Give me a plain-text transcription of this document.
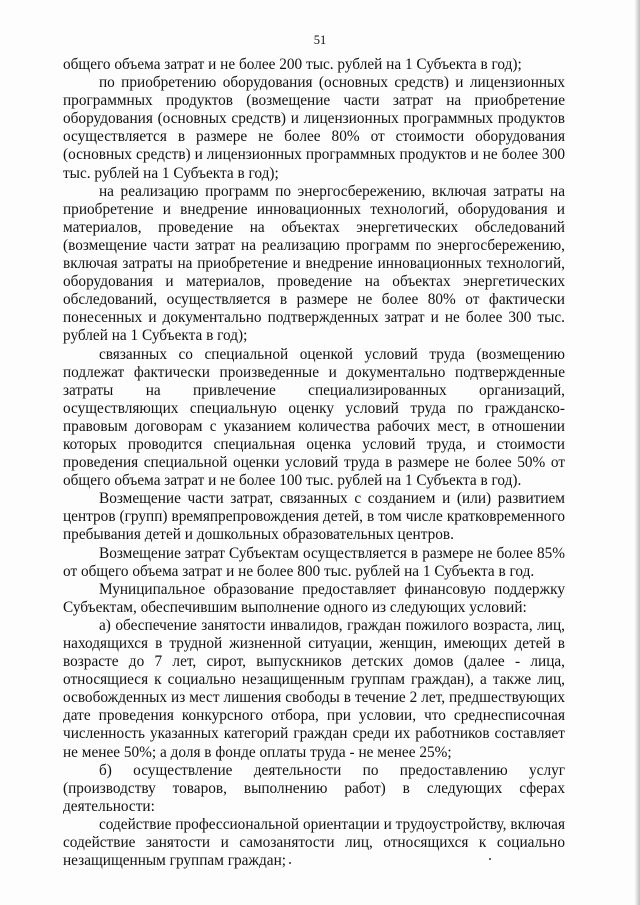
51

общего объема затрат и не более 200 тыс. рублей на 1 Субъекта в год);

по приобретению оборудования (основных средств) и лицензионных программных продуктов (возмещение части затрат на приобретение оборудования (основных средств) и лицензионных программных продуктов осуществляется в размере не более 80% от стоимости оборудования (основных средств) и лицензионных программных продуктов и не более 300 тыс. рублей на 1 Субъекта в год);

на реализацию программ по энергосбережению, включая затраты на приобретение и внедрение инновационных технологий, оборудования и материалов, проведение на объектах энергетических обследований (возмещение части затрат на реализацию программ по энергосбережению, включая затраты на приобретение и внедрение инновационных технологий, оборудования и материалов, проведение на объектах энергетических обследований, осуществляется в размере не более 80% от фактически понесенных и документально подтвержденных затрат и не более 300 тыс. рублей на 1 Субъекта в год);

связанных со специальной оценкой условий труда (возмещению подлежат фактически произведенные и документально подтвержденные затраты на привлечение специализированных организаций, осуществляющих специальную оценку условий труда по гражданско-правовым договорам с указанием количества рабочих мест, в отношении которых проводится специальная оценка условий труда, и стоимости проведения специальной оценки условий труда в размере не более 50% от общего объема затрат и не более 100 тыс. рублей на 1 Субъекта в год).

Возмещение части затрат, связанных с созданием и (или) развитием центров (групп) времяпрепровождения детей, в том числе кратковременного пребывания детей и дошкольных образовательных центров.

Возмещение затрат Субъектам осуществляется в размере не более 85% от общего объема затрат и не более 800 тыс. рублей на 1 Субъекта в год.

Муниципальное образование предоставляет финансовую поддержку Субъектам, обеспечившим выполнение одного из следующих условий:

а) обеспечение занятости инвалидов, граждан пожилого возраста, лиц, находящихся в трудной жизненной ситуации, женщин, имеющих детей в возрасте до 7 лет, сирот, выпускников детских домов (далее - лица, относящиеся к социально незащищенным группам граждан), а также лиц, освобожденных из мест лишения свободы в течение 2 лет, предшествующих дате проведения конкурсного отбора, при условии, что среднесписочная численность указанных категорий граждан среди их работников составляет не менее 50%; а доля в фонде оплаты труда - не менее 25%;

б) осуществление деятельности по предоставлению услуг (производству товаров, выполнению работ) в следующих сферах деятельности:

содействие профессиональной ориентации и трудоустройству, включая содействие занятости и самозанятости лиц, относящихся к социально незащищенным группам граждан;
